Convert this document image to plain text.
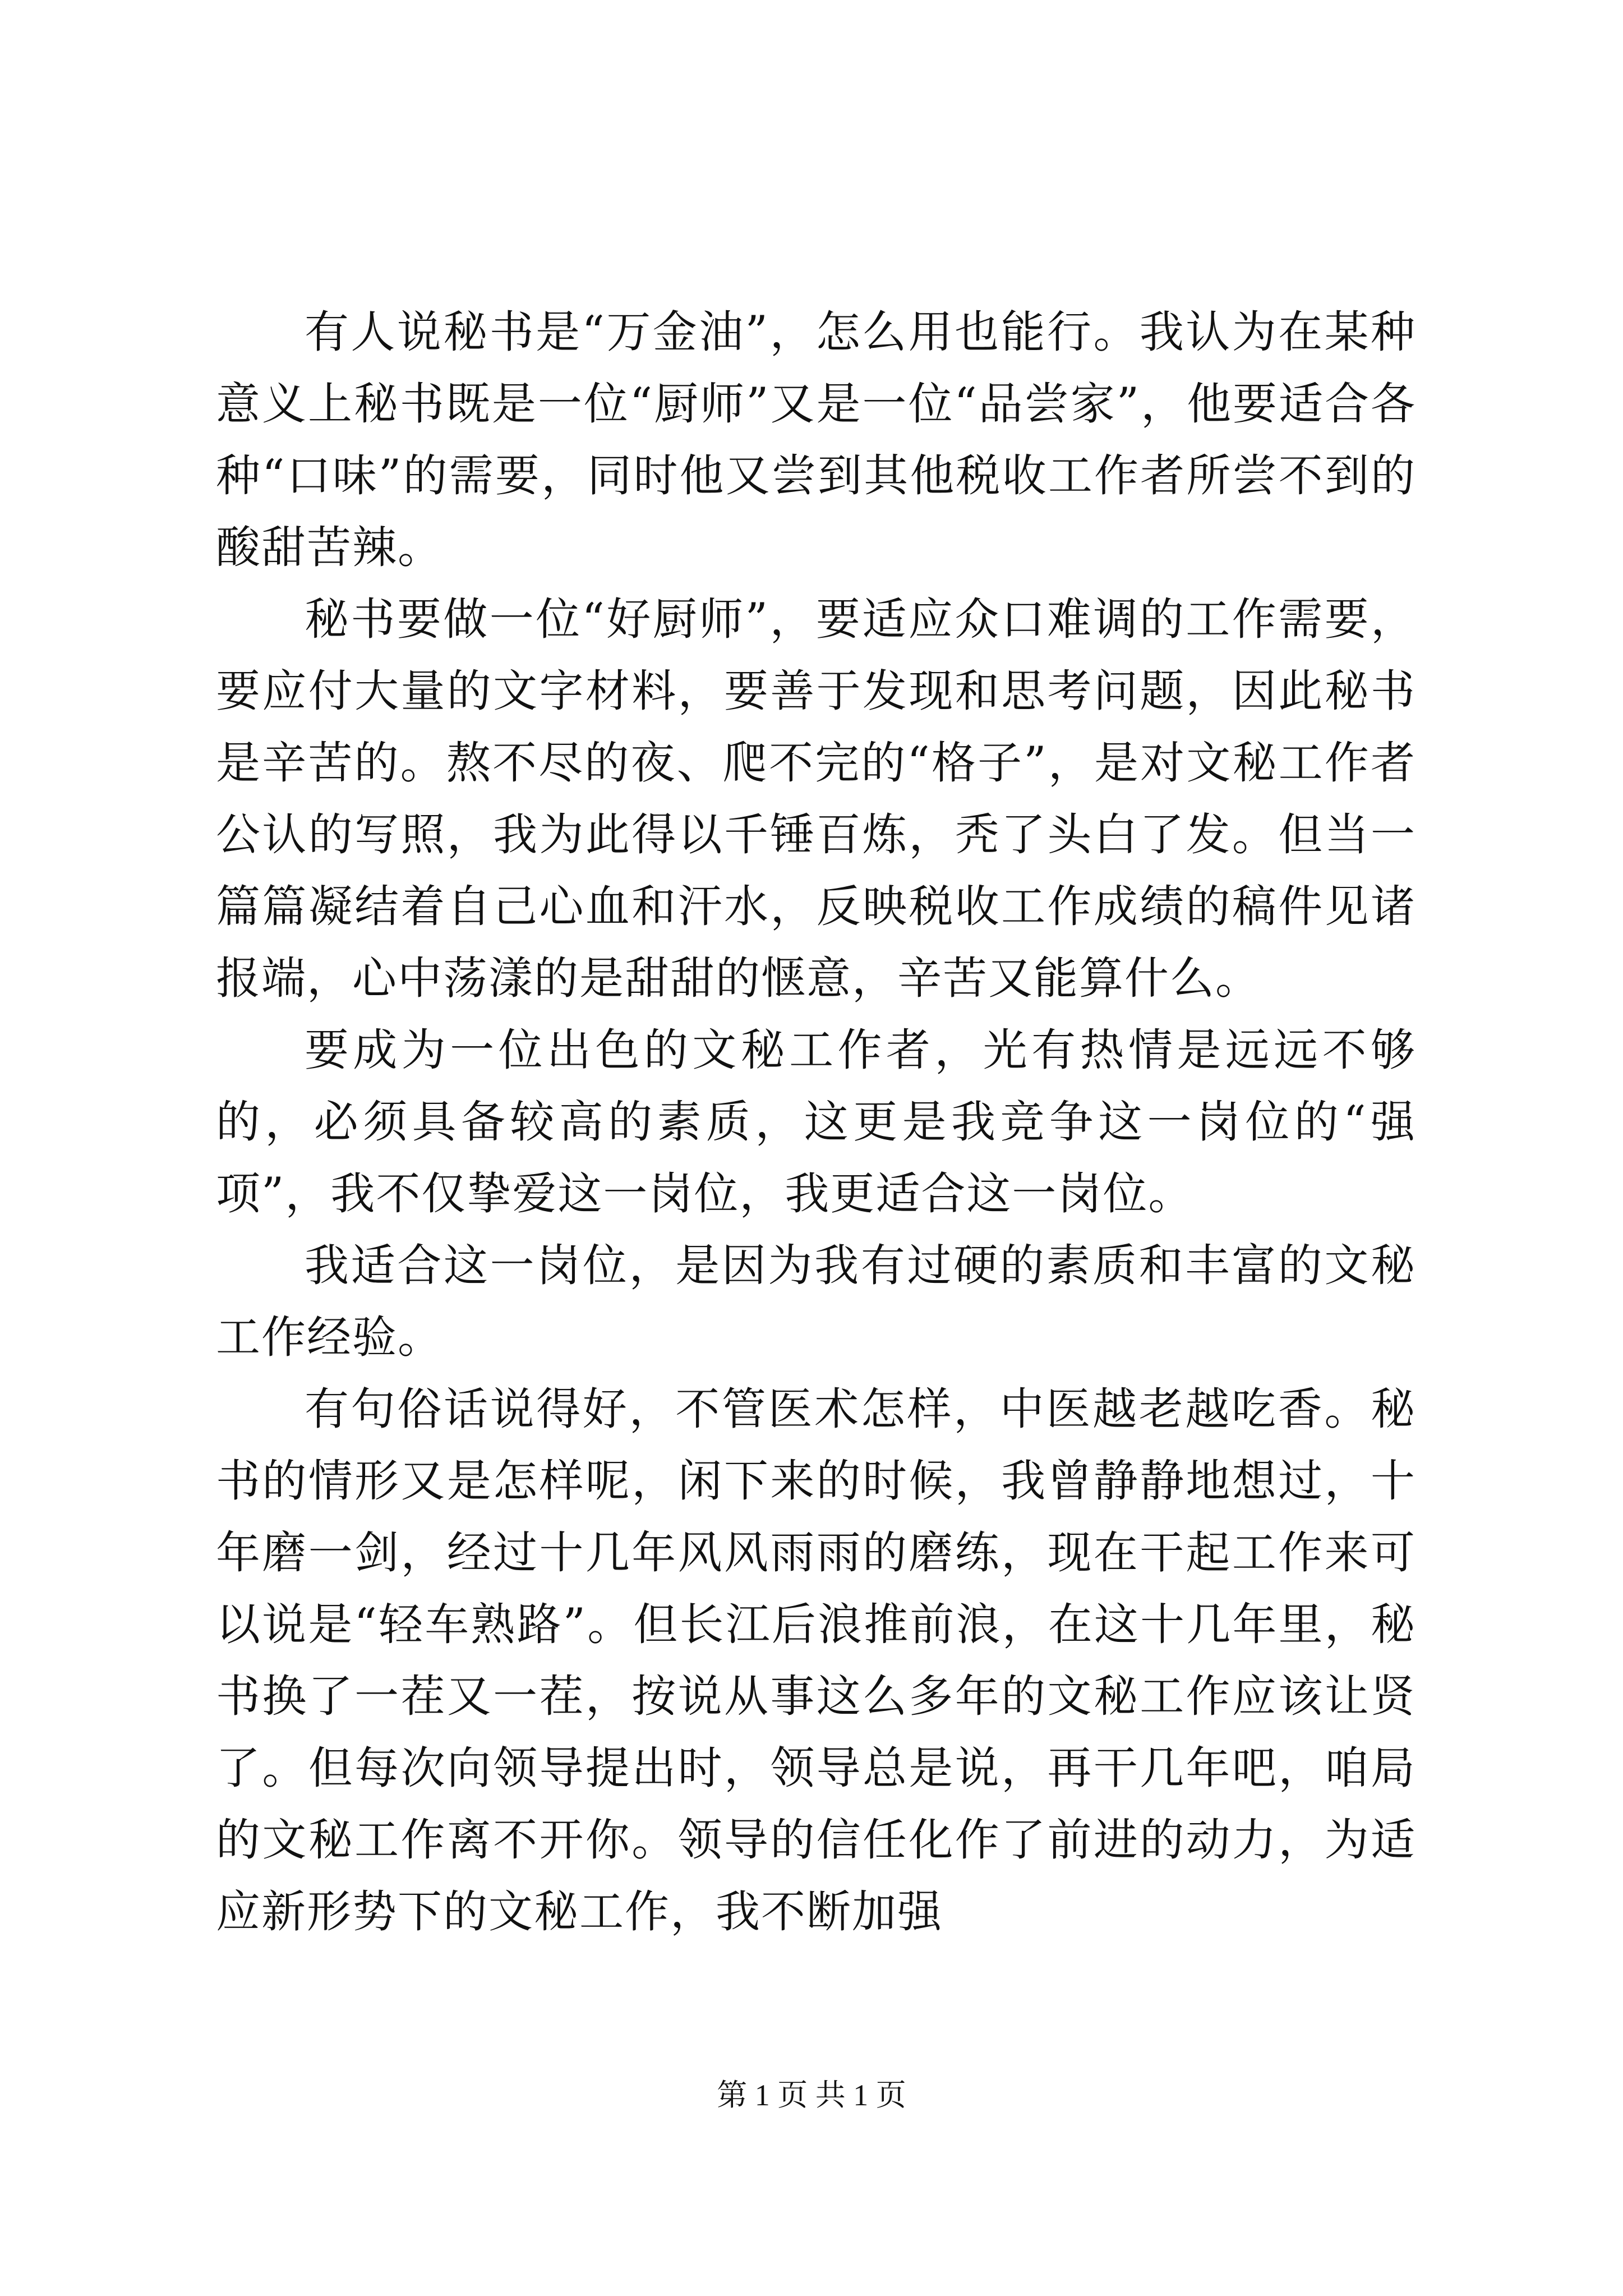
有人说秘书是“万金油”，怎么用也能行。我认为在某种意义上秘书既是一位“厨师”又是一位“品尝家”，他要适合各种“口味”的需要，同时他又尝到其他税收工作者所尝不到的酸甜苦辣。

秘书要做一位“好厨师”，要适应众口难调的工作需要，要应付大量的文字材料，要善于发现和思考问题，因此秘书是辛苦的。熬不尽的夜、爬不完的“格子”，是对文秘工作者公认的写照，我为此得以千锤百炼，秃了头白了发。但当一篇篇凝结着自己心血和汗水，反映税收工作成绩的稿件见诸报端，心中荡漾的是甜甜的惬意，辛苦又能算什么。

要成为一位出色的文秘工作者，光有热情是远远不够的，必须具备较高的素质，这更是我竞争这一岗位的“强项”，我不仅挚爱这一岗位，我更适合这一岗位。

我适合这一岗位，是因为我有过硬的素质和丰富的文秘工作经验。

有句俗话说得好，不管医术怎样，中医越老越吃香。秘书的情形又是怎样呢，闲下来的时候，我曾静静地想过，十年磨一剑，经过十几年风风雨雨的磨练，现在干起工作来可以说是“轻车熟路”。但长江后浪推前浪，在这十几年里，秘书换了一茬又一茬，按说从事这么多年的文秘工作应该让贤了。但每次向领导提出时，领导总是说，再干几年吧，咱局的文秘工作离不开你。领导的信任化作了前进的动力，为适应新形势下的文秘工作，我不断加强

第 1 页 共 1 页
